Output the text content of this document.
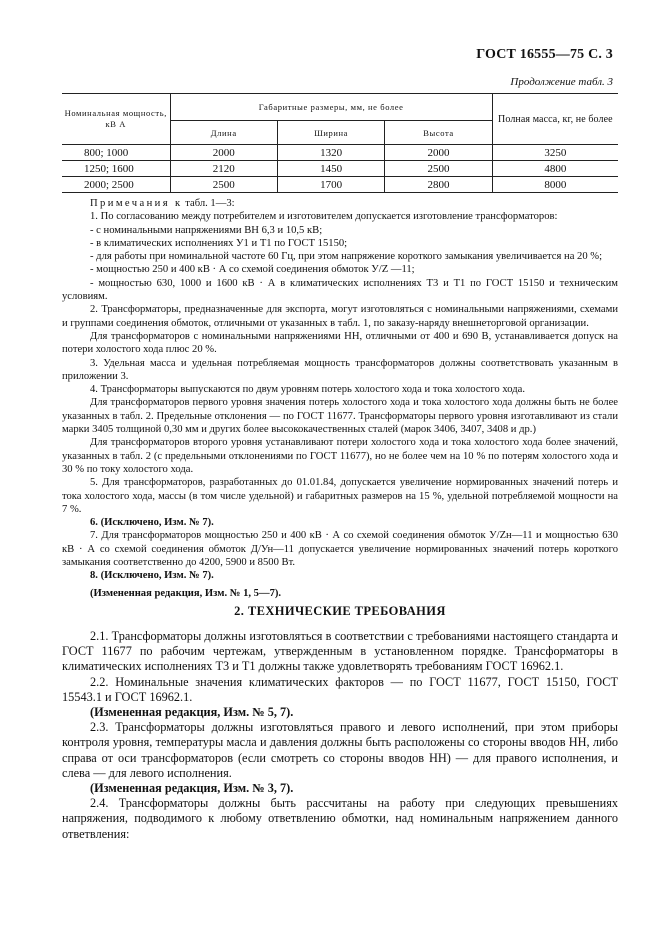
ГОСТ 16555—75 С. 3
Продолжение табл. 3
Номинальная мощность, кВ А	Габаритные размеры, мм, не более			Полная масса, кг, не более
	Длина	Ширина	Высота	
800; 1000	2000	1320	2000	3250
1250; 1600	2120	1450	2500	4800
2000; 2500	2500	1700	2800	8000

Примечания к табл. 1—3:

1. По согласованию между потребителем и изготовителем допускается изготовление трансформаторов:

- с номинальными напряжениями ВН 6,3 и 10,5 кВ;

- в климатических исполнениях У1 и Т1 по ГОСТ 15150;

- для работы при номинальной частоте 60 Гц, при этом напряжение короткого замыкания увеличивается на 20 %;

- мощностью 250 и 400 кВ · А со схемой соединения обмоток У/Z —11;

- мощностью 630, 1000 и 1600 кВ · А в климатических исполнениях Т3 и Т1 по ГОСТ 15150 и техническим условиям.

2. Трансформаторы, предназначенные для экспорта, могут изготовляться с номинальными напряжениями, схемами и группами соединения обмоток, отличными от указанных в табл. 1, по заказу-наряду внешнеторговой организации.

Для трансформаторов с номинальными напряжениями НН, отличными от 400 и 690 В, устанавливается допуск на потери холостого хода плюс 20 %.

3. Удельная масса и удельная потребляемая мощность трансформаторов должны соответствовать указанным в приложении 3.

4. Трансформаторы выпускаются по двум уровням потерь холостого хода и тока холостого хода.

Для трансформаторов первого уровня значения потерь холостого хода и тока холостого хода должны быть не более указанных в табл. 2. Предельные отклонения — по ГОСТ 11677. Трансформаторы первого уровня изготавливают из стали марки 3405 толщиной 0,30 мм и других более высококачественных сталей (марок 3406, 3407, 3408 и др.)

Для трансформаторов второго уровня устанавливают потери холостого хода и тока холостого хода более значений, указанных в табл. 2 (с предельными отклонениями по ГОСТ 11677), но не более чем на 10 % по потерям холостого хода и 30 % по току холостого хода.

5. Для трансформаторов, разработанных до 01.01.84, допускается увеличение нормированных значений потерь и тока холостого хода, массы (в том числе удельной) и габаритных размеров на 15 %, удельной потребляемой мощности на 7 %.

6. (Исключено, Изм. № 7).

7. Для трансформаторов мощностью 250 и 400 кВ · А со схемой соединения обмоток У/Zн—11 и мощностью 630 кВ · А со схемой соединения обмоток Д/Ун—11 допускается увеличение нормированных значений потерь короткого замыкания соответственно до 4200, 5900 и 8500 Вт.

8. (Исключено, Изм. № 7).

(Измененная редакция, Изм. № 1, 5—7).

2. ТЕХНИЧЕСКИЕ ТРЕБОВАНИЯ

2.1. Трансформаторы должны изготовляться в соответствии с требованиями настоящего стандарта и ГОСТ 11677 по рабочим чертежам, утвержденным в установленном порядке. Трансформаторы в климатических исполнениях Т3 и Т1 должны также удовлетворять требованиям ГОСТ 16962.1.

2.2. Номинальные значения климатических факторов — по ГОСТ 11677, ГОСТ 15150, ГОСТ 15543.1 и ГОСТ 16962.1.

(Измененная редакция, Изм. № 5, 7).

2.3. Трансформаторы должны изготовляться правого и левого исполнений, при этом приборы контроля уровня, температуры масла и давления должны быть расположены со стороны вводов НН, либо справа от оси трансформаторов (если смотреть со стороны вводов НН) — для правого исполнения, и слева — для левого исполнения.

(Измененная редакция, Изм. № 3, 7).

2.4. Трансформаторы должны быть рассчитаны на работу при следующих превышениях напряжения, подводимого к любому ответвлению обмотки, над номинальным напряжением данного ответвления:
